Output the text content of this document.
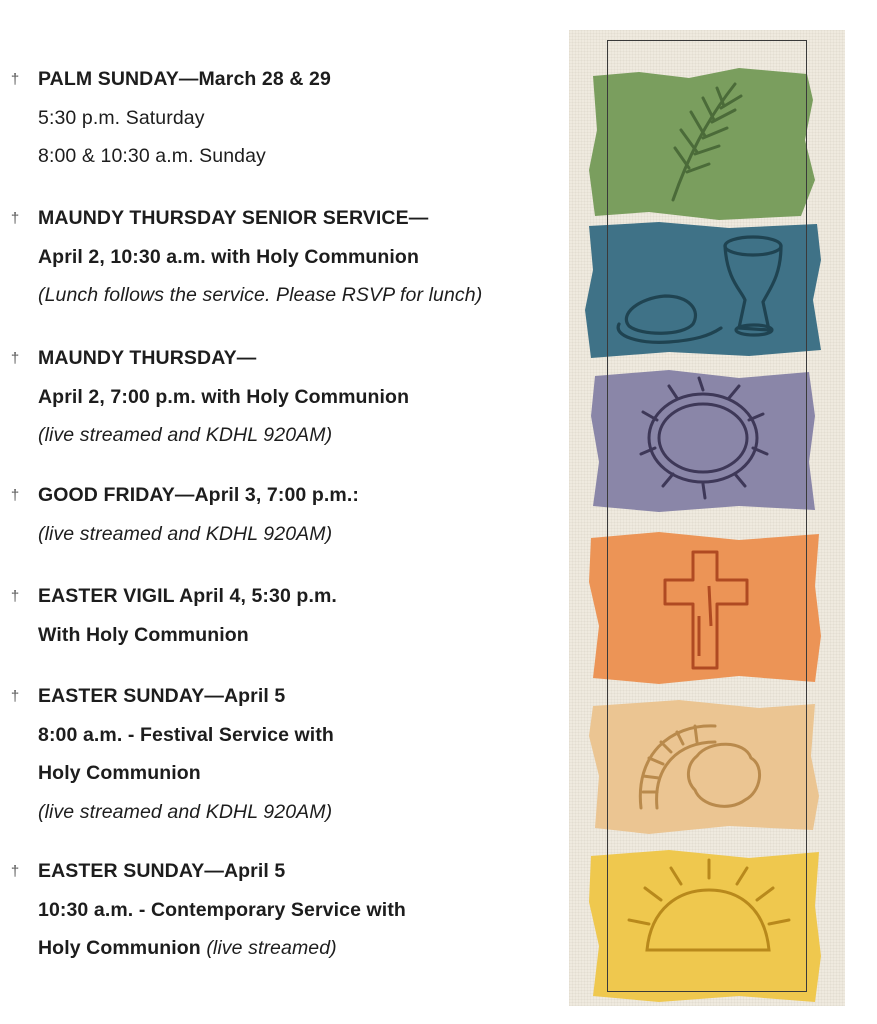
† PALM SUNDAY—March 28 & 29
5:30 p.m. Saturday
8:00 & 10:30 a.m. Sunday
† MAUNDY THURSDAY SENIOR SERVICE—
April 2, 10:30 a.m. with Holy Communion
(Lunch follows the service. Please RSVP for lunch)
† MAUNDY THURSDAY—
April 2, 7:00 p.m. with Holy Communion
(live streamed and KDHL 920AM)
† GOOD FRIDAY—April 3, 7:00 p.m.:
(live streamed and KDHL 920AM)
† EASTER VIGIL April 4, 5:30 p.m.
With Holy Communion
† EASTER SUNDAY—April 5
8:00 a.m. - Festival Service with
Holy Communion
(live streamed and KDHL 920AM)
† EASTER SUNDAY—April 5
10:30 a.m. - Contemporary Service with
Holy Communion (live streamed)
